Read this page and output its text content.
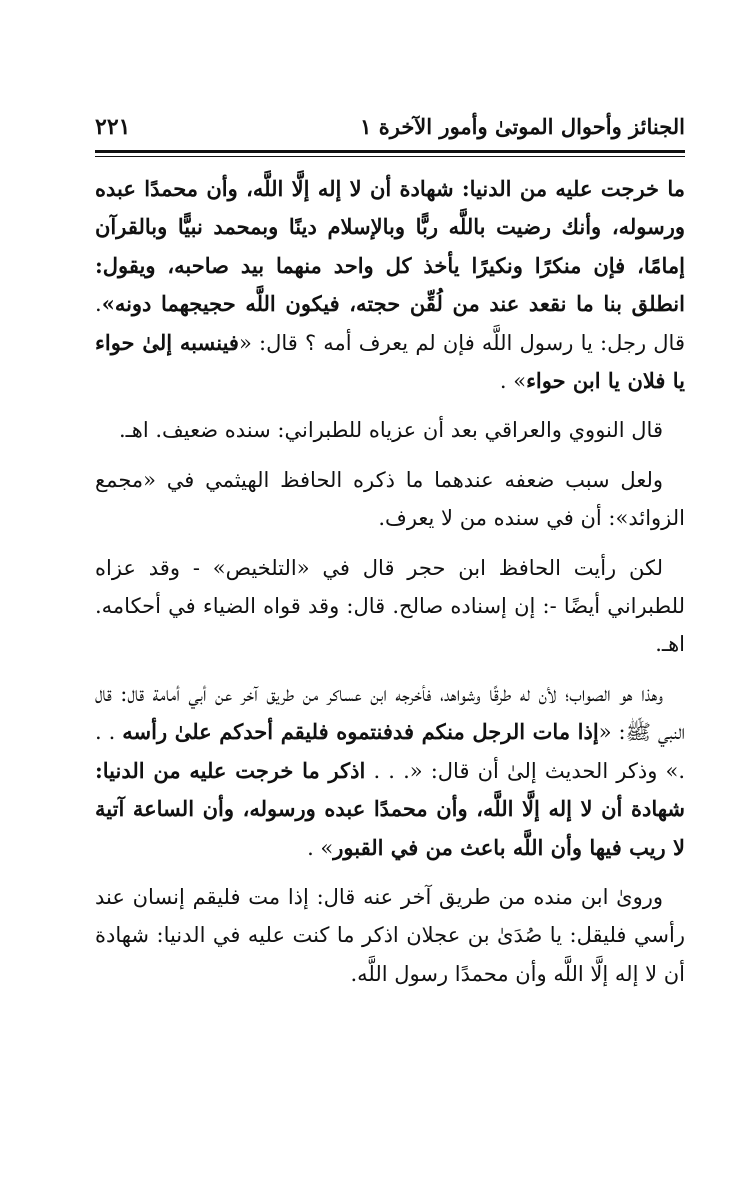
الجنائز وأحوال الموتىٰ وأمور الآخرة ١
٢٢١

ما خرجت عليه من الدنيا: شهادة أن لا إله إلَّا اللَّه، وأن محمدًا عبده ورسوله، وأنك رضيت باللَّه ربًّا وبالإسلام دينًا وبمحمد نبيًّا وبالقرآن إمامًا، فإن منكرًا ونكيرًا يأخذ كل واحد منهما بيد صاحبه، ويقول: انطلق بنا ما نقعد عند من لُقِّن حجته، فيكون اللَّه حجيجهما دونه». قال رجل: يا رسول اللَّه فإن لم يعرف أمه ؟ قال: «فينسبه إلىٰ حواء يا فلان يا ابن حواء» .

قال النووي والعراقي بعد أن عزياه للطبراني: سنده ضعيف. اهـ.

ولعل سبب ضعفه عندهما ما ذكره الحافظ الهيثمي في «مجمع الزوائد»: أن في سنده من لا يعرف.

لكن رأيت الحافظ ابن حجر قال في «التلخيص» - وقد عزاه للطبراني أيضًا -: إن إسناده صالح. قال: وقد قواه الضياء في أحكامه. اهـ.

وهذا هو الصواب؛ لأن له طرقًا وشواهد، فأخرجه ابن عساكر من طريق آخر عن أبي أمامة قال: قال النبي ﷺ: «إذا مات الرجل منكم فدفنتموه فليقم أحدكم علىٰ رأسه . . .» وذكر الحديث إلىٰ أن قال: «. . . اذكر ما خرجت عليه من الدنيا: شهادة أن لا إله إلَّا اللَّه، وأن محمدًا عبده ورسوله، وأن الساعة آتية لا ريب فيها وأن اللَّه باعث من في القبور» .

وروىٰ ابن منده من طريق آخر عنه قال: إذا مت فليقم إنسان عند رأسي فليقل: يا صُدَىٰ بن عجلان اذكر ما كنت عليه في الدنيا: شهادة أن لا إله إلَّا اللَّه وأن محمدًا رسول اللَّه.
